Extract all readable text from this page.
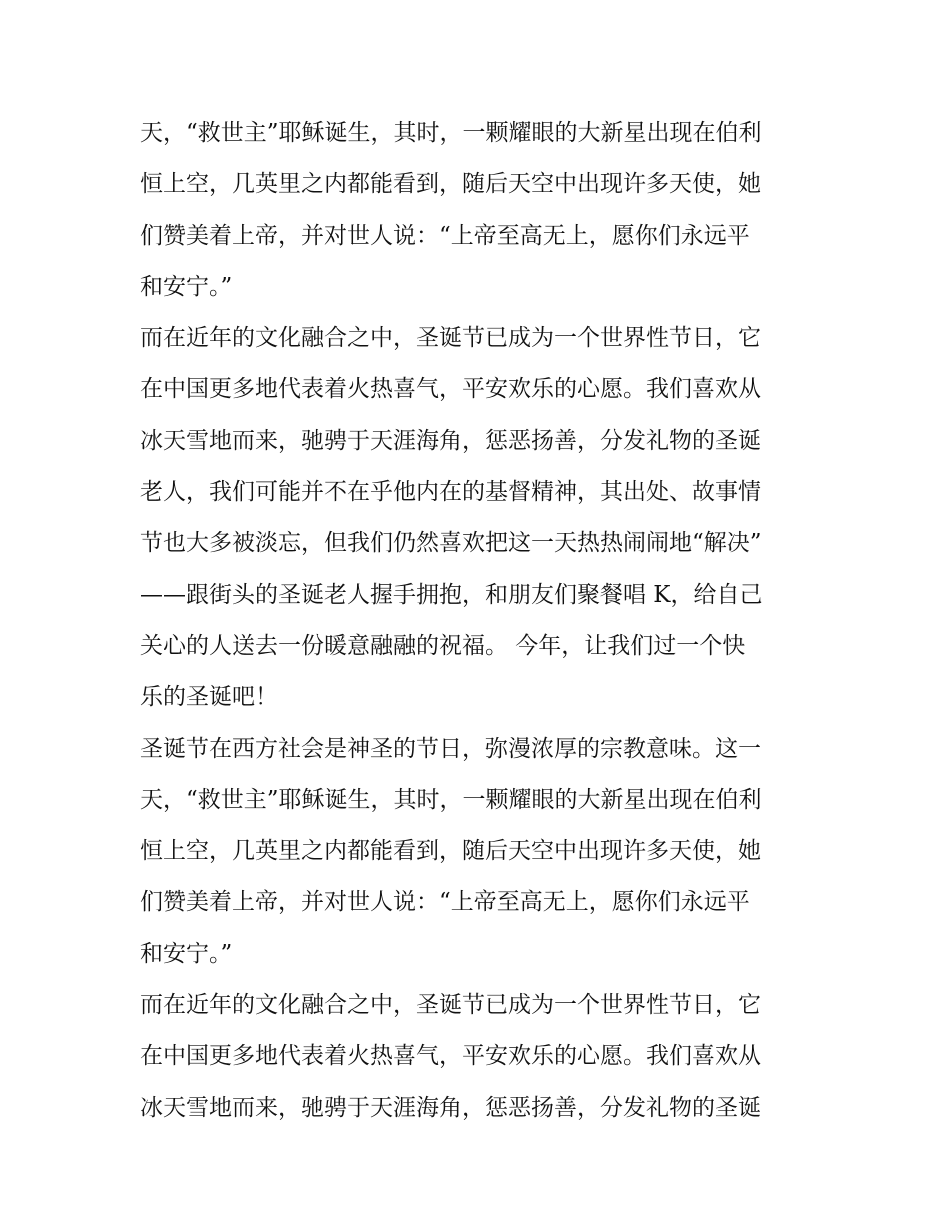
天，“救世主”耶稣诞生，其时，一颗耀眼的大新星出现在伯利
恒上空，几英里之内都能看到，随后天空中出现许多天使，她
们赞美着上帝，并对世人说：“上帝至高无上，愿你们永远平
和安宁。”
而在近年的文化融合之中，圣诞节已成为一个世界性节日，它
在中国更多地代表着火热喜气，平安欢乐的心愿。我们喜欢从
冰天雪地而来，驰骋于天涯海角，惩恶扬善，分发礼物的圣诞
老人，我们可能并不在乎他内在的基督精神，其出处、故事情
节也大多被淡忘，但我们仍然喜欢把这一天热热闹闹地“解决”
——跟街头的圣诞老人握手拥抱，和朋友们聚餐唱 K，给自己
关心的人送去一份暖意融融的祝福。 今年，让我们过一个快
乐的圣诞吧！
圣诞节在西方社会是神圣的节日，弥漫浓厚的宗教意味。这一
天，“救世主”耶稣诞生，其时，一颗耀眼的大新星出现在伯利
恒上空，几英里之内都能看到，随后天空中出现许多天使，她
们赞美着上帝，并对世人说：“上帝至高无上，愿你们永远平
和安宁。”
而在近年的文化融合之中，圣诞节已成为一个世界性节日，它
在中国更多地代表着火热喜气，平安欢乐的心愿。我们喜欢从
冰天雪地而来，驰骋于天涯海角，惩恶扬善，分发礼物的圣诞
